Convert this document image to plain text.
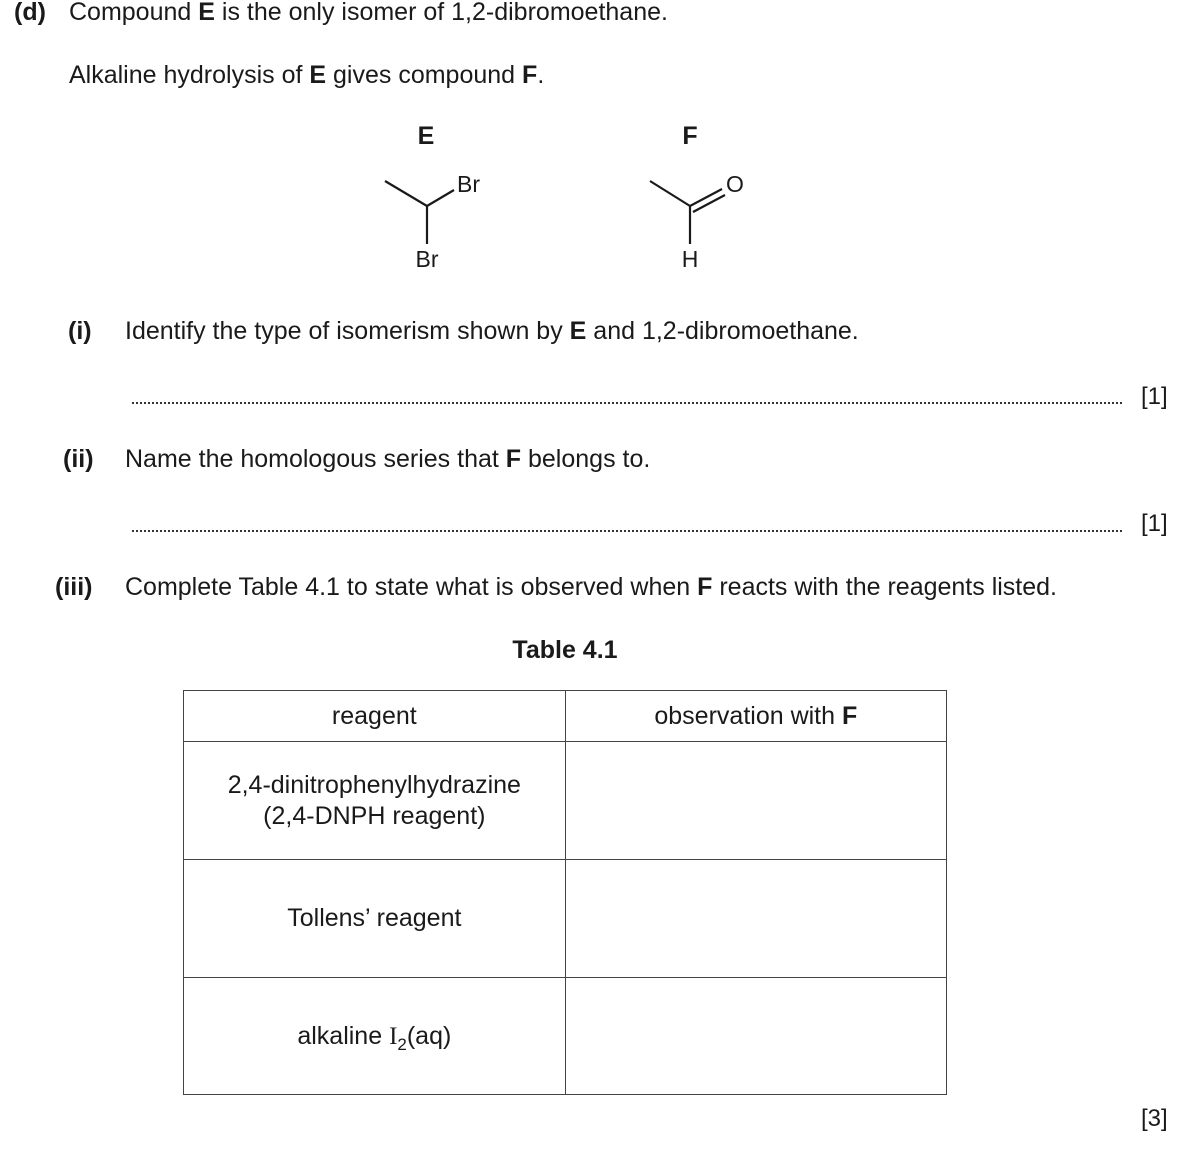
(d) Compound E is the only isomer of 1,2-dibromoethane.
Alkaline hydrolysis of E gives compound F.
E
Br
Br
F
O
H
(i) Identify the type of isomerism shown by E and 1,2-dibromoethane.
[1]
(ii) Name the homologous series that F belongs to.
[1]
(iii) Complete Table 4.1 to state what is observed when F reacts with the reagents listed.
Table 4.1
reagent	observation with F

2,4-dinitrophenylhydrazine
(2,4-DNPH reagent)	

Tollens’ reagent	
alkaline $I_2(aq)$	
[3]
